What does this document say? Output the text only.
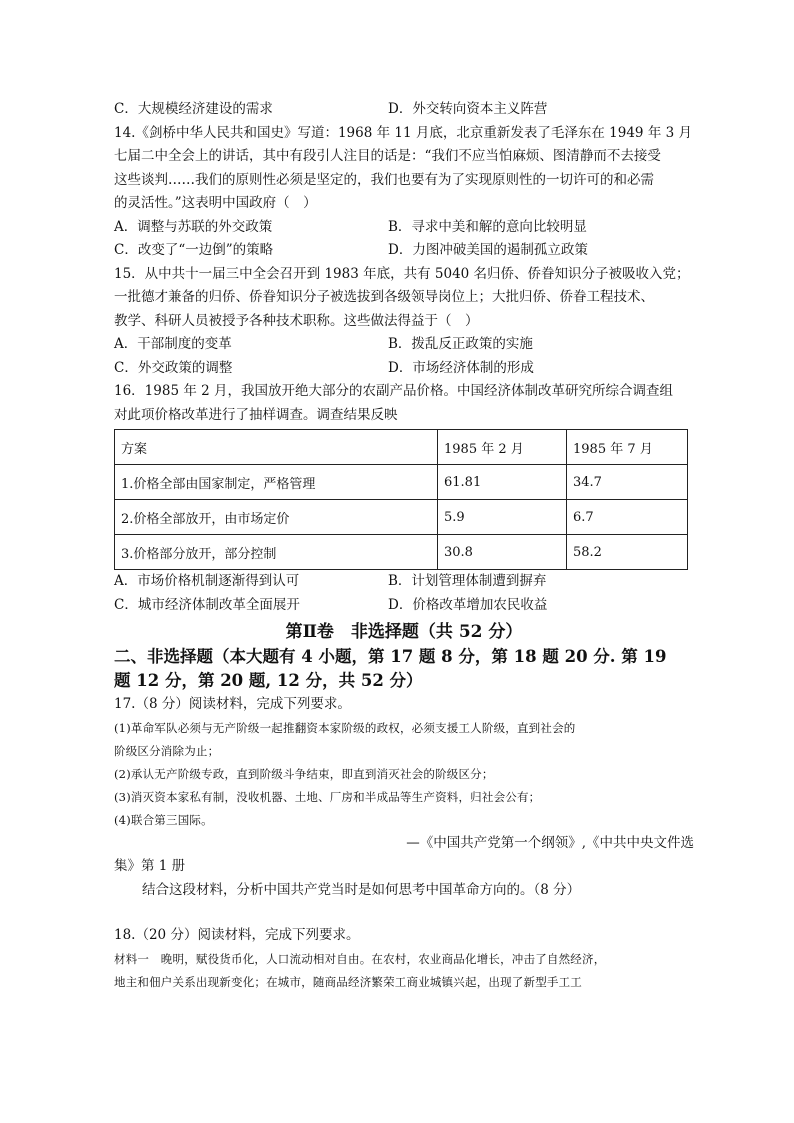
C．大规模经济建设的需求	D．外交转向资本主义阵营
14.《剑桥中华人民共和国史》写道：1968 年 11 月底，北京重新发表了毛泽东在 1949 年 3 月
七届二中全会上的讲话，其中有段引人注目的话是：“我们不应当怕麻烦、图清静而不去接受
这些谈判……我们的原则性必须是坚定的，我们也要有为了实现原则性的一切许可的和必需
的灵活性。”这表明中国政府（　）
A．调整与苏联的外交政策	B．寻求中美和解的意向比较明显
C．改变了“一边倒”的策略	D．力图冲破美国的遏制孤立政策
15．从中共十一届三中全会召开到 1983 年底，共有 5040 名归侨、侨眷知识分子被吸收入党；
一批德才兼备的归侨、侨眷知识分子被选拔到各级领导岗位上；大批归侨、侨眷工程技术、
教学、科研人员被授予各种技术职称。这些做法得益于（　）
A．干部制度的变革	B．拨乱反正政策的实施
C．外交政策的调整	D．市场经济体制的形成
16．1985 年 2 月，我国放开绝大部分的农副产品价格。中国经济体制改革研究所综合调查组
对此项价格改革进行了抽样调查。调查结果反映
方案	1985 年 2 月	1985 年 7 月
1.价格全部由国家制定，严格管理	61.81	34.7
2.价格全部放开，由市场定价	5.9	6.7
3.价格部分放开，部分控制	30.8	58.2
A．市场价格机制逐渐得到认可	B．计划管理体制遭到摒弃
C．城市经济体制改革全面展开	D．价格改革增加农民收益
第Ⅱ卷　非选择题（共 52 分）
二、非选择题（本大题有 4 小题，第 17 题 8 分，第 18 题 20 分. 第 19
题 12 分，第 20 题, 12 分，共 52 分）
17.（8 分）阅读材料，完成下列要求。
(1)革命军队必须与无产阶级一起推翻资本家阶级的政权，必须支援工人阶级，直到社会的
阶级区分消除为止；
(2)承认无产阶级专政，直到阶级斗争结束，即直到消灭社会的阶级区分；
(3)消灭资本家私有制，没收机器、土地、厂房和半成品等生产资料，归社会公有；
(4)联合第三国际。
—《中国共产党第一个纲领》,《中共中央文件选
集》第 1 册
结合这段材料，分析中国共产党当时是如何思考中国革命方向的。（8 分）
18.（20 分）阅读材料，完成下列要求。
材料一　晚明，赋役货币化，人口流动相对自由。在农村，农业商品化增长，冲击了自然经济，
地主和佃户关系出现新变化；在城市，随商品经济繁荣工商业城镇兴起，出现了新型手工工
